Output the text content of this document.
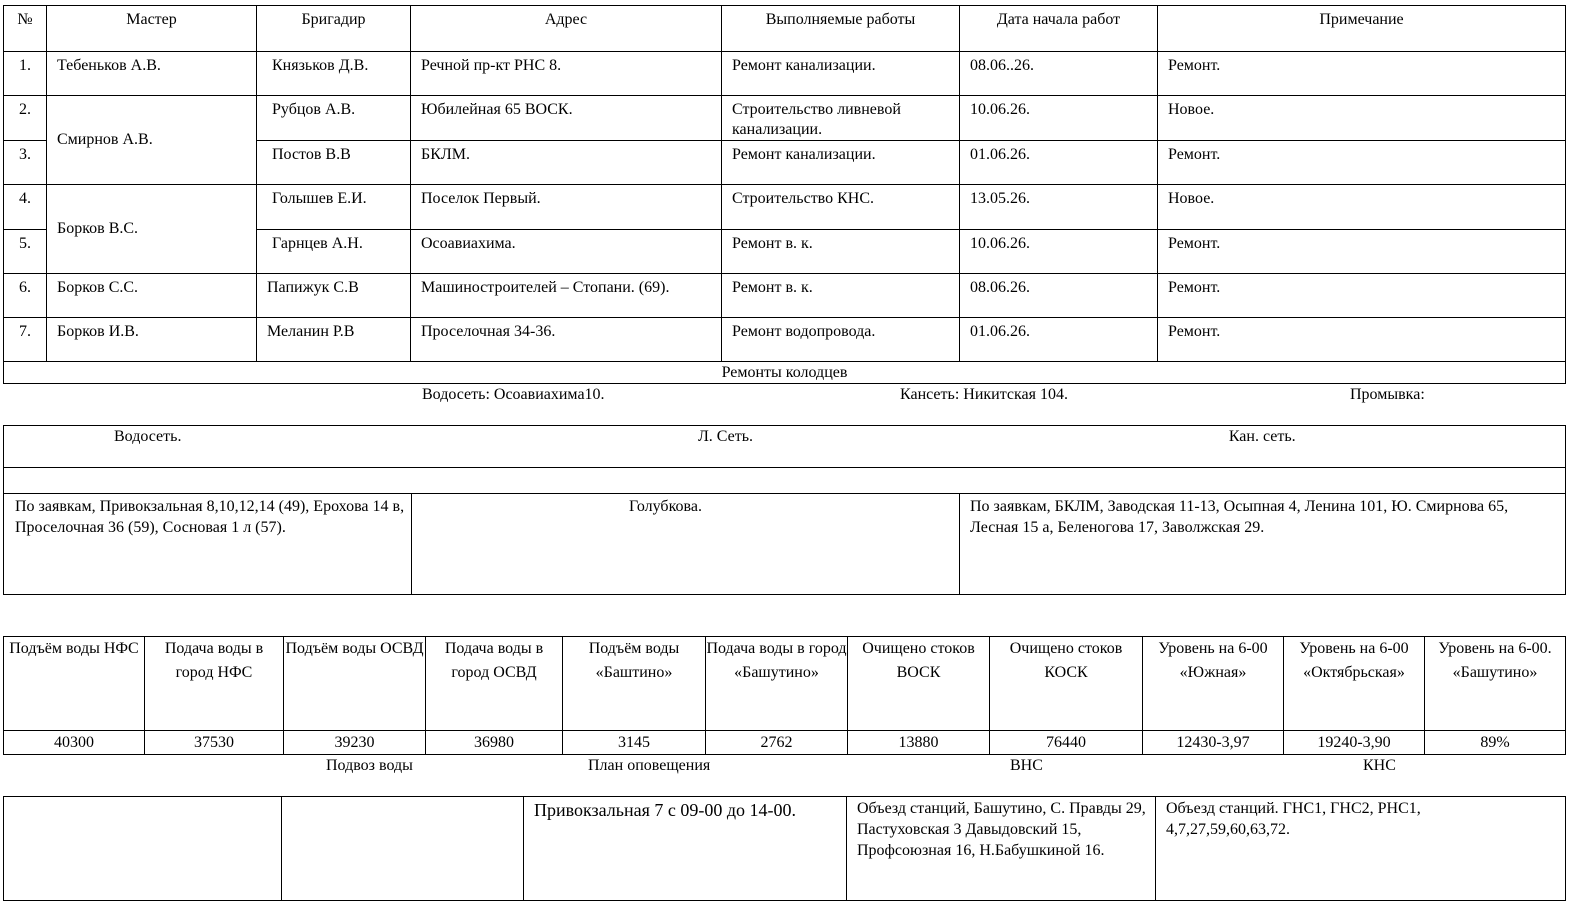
№	Мастер	Бригадир	Адрес	Выполняемые работы	Дата начала работ	Примечание
1.	Тебеньков А.В.	Князьков Д.В.	Речной пр-кт РНС 8.	Ремонт канализации.	08.06..26.	Ремонт.
2.	Смирнов А.В.	Рубцов А.В.	Юбилейная 65 ВОСК.	Строительство ливневой канализации.	10.06.26.	Новое.
3.		Постов В.В	БКЛМ.	Ремонт канализации.	01.06.26.	Ремонт.
4.	Борков В.С.	Голышев Е.И.	Поселок Первый.	Строительство КНС.	13.05.26.	Новое.
5.		Гарнцев А.Н.	Осоавиахима.	Ремонт в. к.	10.06.26.	Ремонт.
6.	Борков С.С.	Папижук С.В	Машиностроителей – Стопани. (69).	Ремонт в. к.	08.06.26.	Ремонт.
7.	Борков И.В.	Меланин Р.В	Проселочная 34-36.	Ремонт водопровода.	01.06.26.	Ремонт.
Ремонты колодцев						
Водосеть: Осоавиахима10.	Кансеть: Никитская 104.	Промывка:
Водосеть.	Л. Сеть.	Кан. сеть.

По заявкам, Привокзальная 8,10,12,14 (49), Ерохова 14 в, Проселочная 36 (59), Сосновая 1 л (57).	Голубкова.	По заявкам, БКЛМ, Заводская 11-13, Осыпная 4, Ленина 101, Ю. Смирнова 65, Лесная 15 а, Беленогова 17, Заволжская 29.
Подъём воды НФС	Подача воды в город НФС	Подъём воды ОСВД	Подача воды в город ОСВД	Подъём воды «Баштино»	Подача воды в город «Башутино»	Очищено стоков ВОСК	Очищено стоков КОСК	Уровень на 6-00 «Южная»	Уровень на 6-00 «Октябрьская»	Уровень на 6-00. «Башутино»
40300	37530	39230	36980	3145	2762	13880	76440	12430-3,97	19240-3,90	89%
Подвоз воды	План оповещения	ВНС	КНС
		Привокзальная 7 с 09-00 до 14-00.	Объезд станций, Башутино, С. Правды 29, Пастуховская 3 Давыдовский 15, Профсоюзная 16, Н.Бабушкиной 16.	Объезд станций. ГНС1, ГНС2, РНС1, 4,7,27,59,60,63,72.
